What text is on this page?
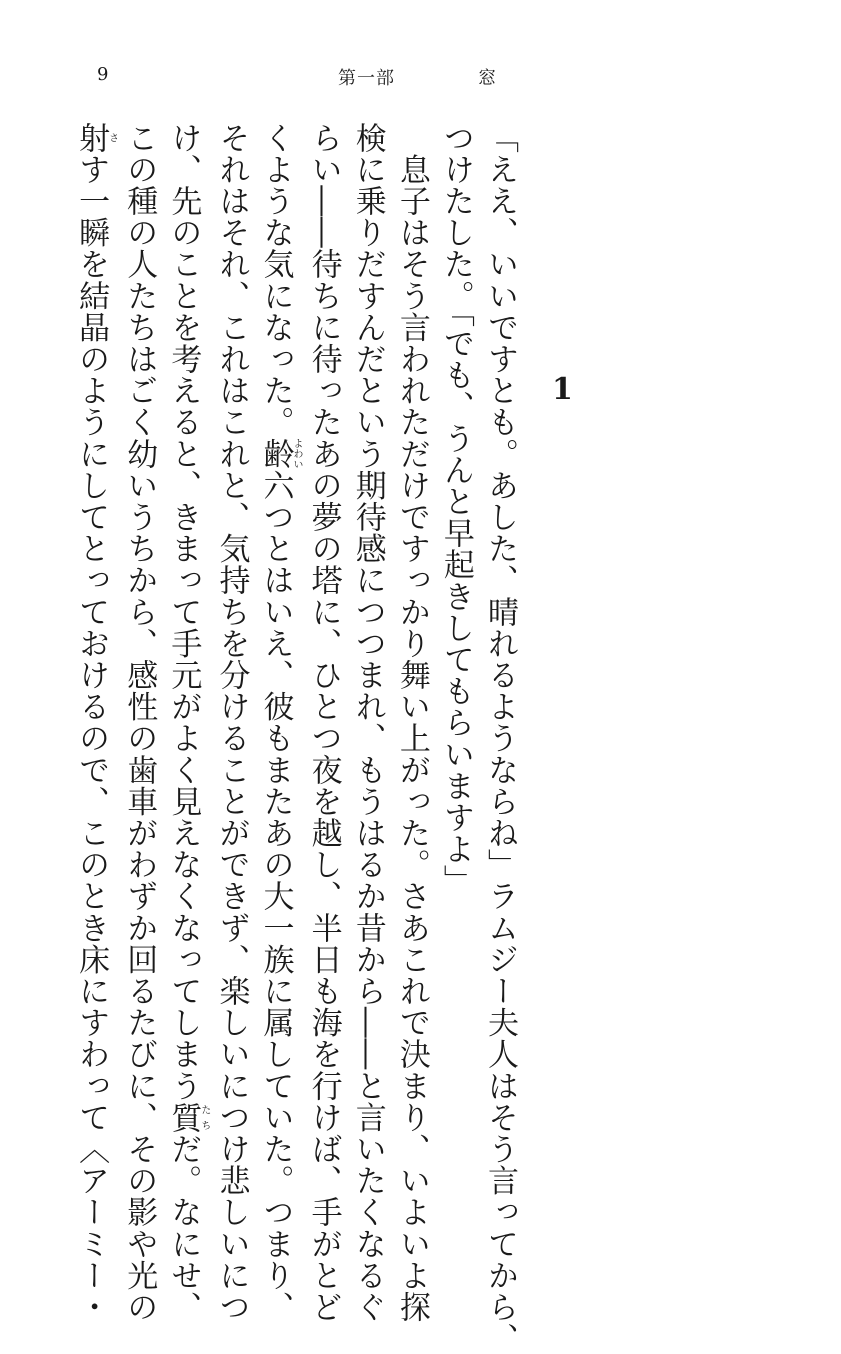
9	第一部	窓
1
「ええ、いいですとも。あした、晴れるようならね」ラムジー夫人はそう言ってから、
つけたした。「でも、うんと早起きしてもらいますよ」
　息子はそう言われただけですっかり舞い上がった。さあこれで決まり、いよいよ探
検に乗りだすんだという期待感につつまれ、もうはるか昔から――と言いたくなるぐ
らい――待ちに待ったあの夢の塔に、ひとつ夜を越し、半日も海を行けば、手がとど
くような気になった。齢よわい六つとはいえ、彼もまたあの大一族に属していた。つまり、
それはそれ、これはこれと、気持ちを分けることができず、楽しいにつけ悲しいにつ
け、先のことを考えると、きまって手元がよく見えなくなってしまう質たちだ。なにせ、
この種の人たちはごく幼いうちから、感性の歯車がわずか回るたびに、その影や光の
射さす一瞬を結晶のようにしてとっておけるので、このとき床にすわって〈アーミー・
